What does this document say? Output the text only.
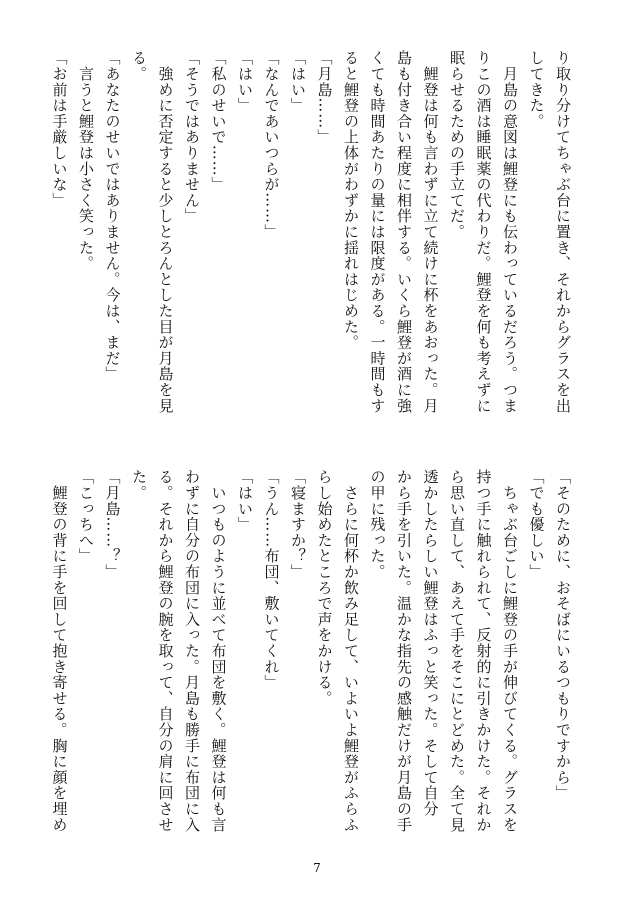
り取り分けてちゃぶ台に置き、それからグラスを出
してきた。
　月島の意図は鯉登にも伝わっているだろう。つま
りこの酒は睡眠薬の代わりだ。鯉登を何も考えずに
眠らせるための手立てだ。
　鯉登は何も言わずに立て続けに杯をあおった。月
島も付き合い程度に相伴する。いくら鯉登が酒に強
くても時間あたりの量には限度がある。一時間もす
ると鯉登の上体がわずかに揺れはじめた。
「月島……」
「はい」
「なんであいつらが……」
「はい」
「私のせいで……」
「そうではありません」
　強めに否定すると少しとろんとした目が月島を見
る。
「あなたのせいではありません。今は、まだ」
　言うと鯉登は小さく笑った。
「お前は手厳しいな」
「そのために、おそばにいるつもりですから」
「でも優しい」
　ちゃぶ台ごしに鯉登の手が伸びてくる。グラスを
持つ手に触れられて、反射的に引きかけた。それか
ら思い直して、あえて手をそこにとどめた。全て見
透かしたらしい鯉登はふっと笑った。そして自分
から手を引いた。温かな指先の感触だけが月島の手
の甲に残った。
　さらに何杯か飲み足して、いよいよ鯉登がふらふ
らし始めたところで声をかける。
「寝ますか？」
「うん……布団、敷いてくれ」
「はい」
　いつものように並べて布団を敷く。鯉登は何も言
わずに自分の布団に入った。月島も勝手に布団に入
る。それから鯉登の腕を取って、自分の肩に回させ
た。
「月島……？」
「こっちへ」
　鯉登の背に手を回して抱き寄せる。胸に顔を埋め
7
